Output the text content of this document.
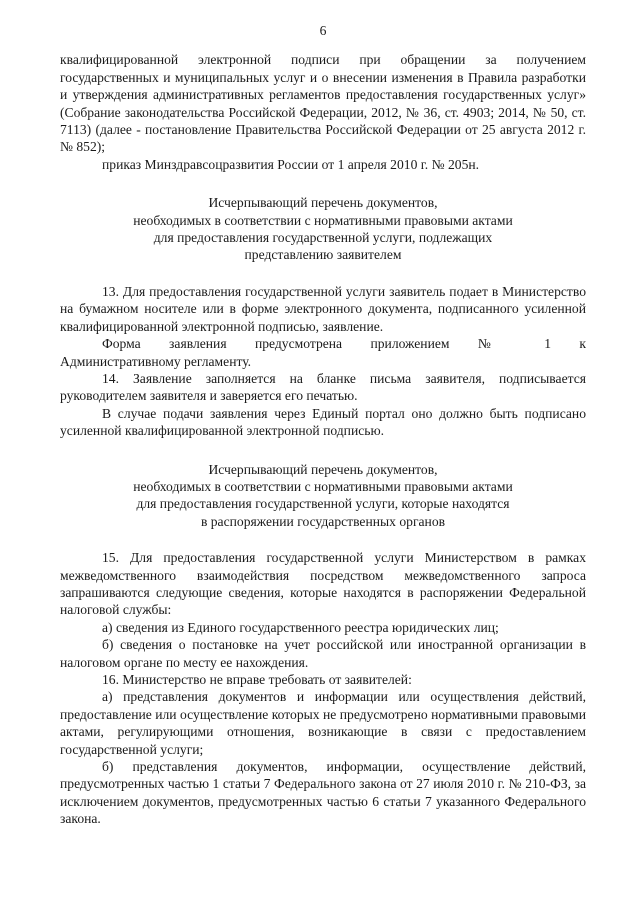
6

квалифицированной электронной подписи при обращении за получением государственных и муниципальных услуг и о внесении изменения в Правила разработки и утверждения административных регламентов предоставления государственных услуг» (Собрание законодательства Российской Федерации, 2012, № 36, ст. 4903; 2014, № 50, ст. 7113) (далее - постановление Правительства Российской Федерации от 25 августа 2012 г. № 852);

приказ Минздравсоцразвития России от 1 апреля 2010 г. № 205н.

Исчерпывающий перечень документов,
необходимых в соответствии с нормативными правовыми актами
для предоставления государственной услуги, подлежащих
представлению заявителем

13. Для предоставления государственной услуги заявитель подает в Министерство на бумажном носителе или в форме электронного документа, подписанного усиленной квалифицированной электронной подписью, заявление.

Форма заявления предусмотрена приложением № 1 к

Административному регламенту.

14. Заявление заполняется на бланке письма заявителя, подписывается руководителем заявителя и заверяется его печатью.

В случае подачи заявления через Единый портал оно должно быть подписано усиленной квалифицированной электронной подписью.

Исчерпывающий перечень документов,
необходимых в соответствии с нормативными правовыми актами
для предоставления государственной услуги, которые находятся
в распоряжении государственных органов

15. Для предоставления государственной услуги Министерством в рамках межведомственного взаимодействия посредством межведомственного запроса запрашиваются следующие сведения, которые находятся в распоряжении Федеральной налоговой службы:

а) сведения из Единого государственного реестра юридических лиц;

б) сведения о постановке на учет российской или иностранной организации в налоговом органе по месту ее нахождения.

16. Министерство не вправе требовать от заявителей:

а) представления документов и информации или осуществления действий, предоставление или осуществление которых не предусмотрено нормативными правовыми актами, регулирующими отношения, возникающие в связи с предоставлением государственной услуги;

б) представления документов, информации, осуществление действий, предусмотренных частью 1 статьи 7 Федерального закона от 27 июля 2010 г. № 210-ФЗ, за исключением документов, предусмотренных частью 6 статьи 7 указанного Федерального закона.
